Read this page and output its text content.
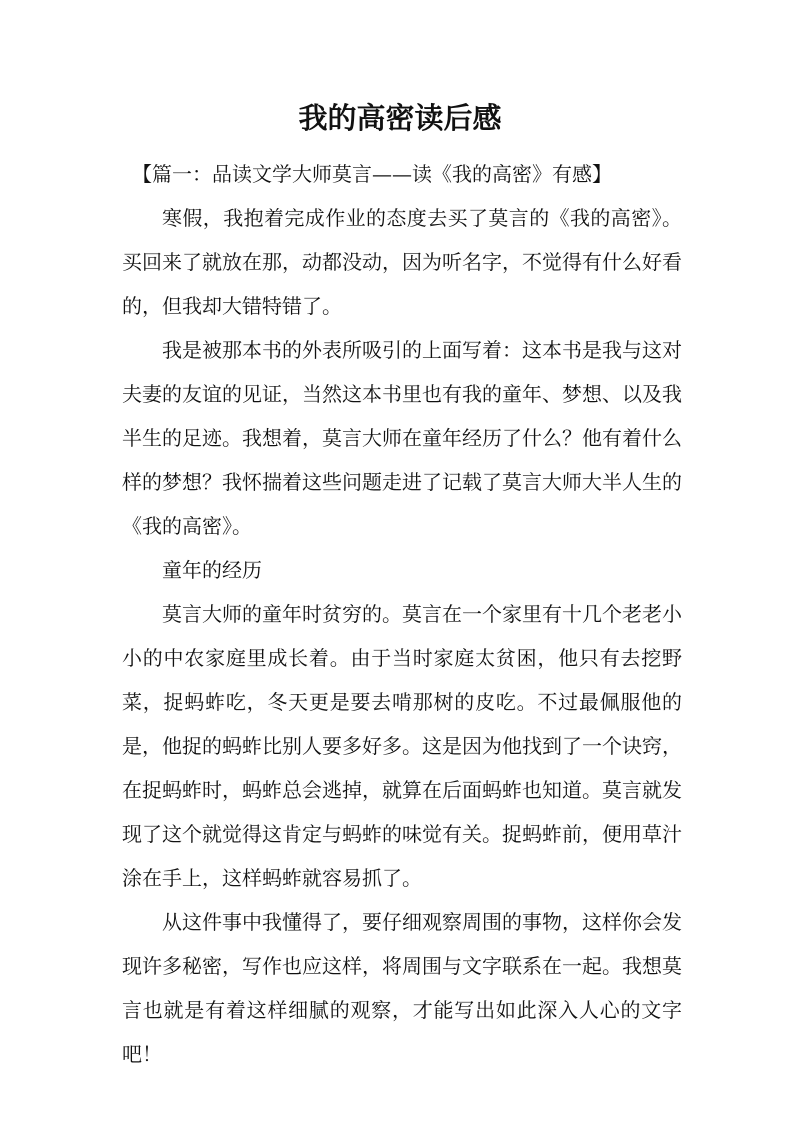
我的高密读后感

【篇一：品读文学大师莫言——读《我的高密》有感】

寒假，我抱着完成作业的态度去买了莫言的《我的高密》。买回来了就放在那，动都没动，因为听名字，不觉得有什么好看的，但我却大错特错了。

我是被那本书的外表所吸引的上面写着：这本书是我与这对夫妻的友谊的见证，当然这本书里也有我的童年、梦想、以及我半生的足迹。我想着，莫言大师在童年经历了什么？他有着什么样的梦想？我怀揣着这些问题走进了记载了莫言大师大半人生的《我的高密》。

童年的经历

莫言大师的童年时贫穷的。莫言在一个家里有十几个老老小小的中农家庭里成长着。由于当时家庭太贫困，他只有去挖野菜，捉蚂蚱吃，冬天更是要去啃那树的皮吃。不过最佩服他的是，他捉的蚂蚱比别人要多好多。这是因为他找到了一个诀窍，在捉蚂蚱时，蚂蚱总会逃掉，就算在后面蚂蚱也知道。莫言就发现了这个就觉得这肯定与蚂蚱的味觉有关。捉蚂蚱前，便用草汁涂在手上，这样蚂蚱就容易抓了。

从这件事中我懂得了，要仔细观察周围的事物，这样你会发现许多秘密，写作也应这样，将周围与文字联系在一起。我想莫言也就是有着这样细腻的观察，才能写出如此深入人心的文字吧！
